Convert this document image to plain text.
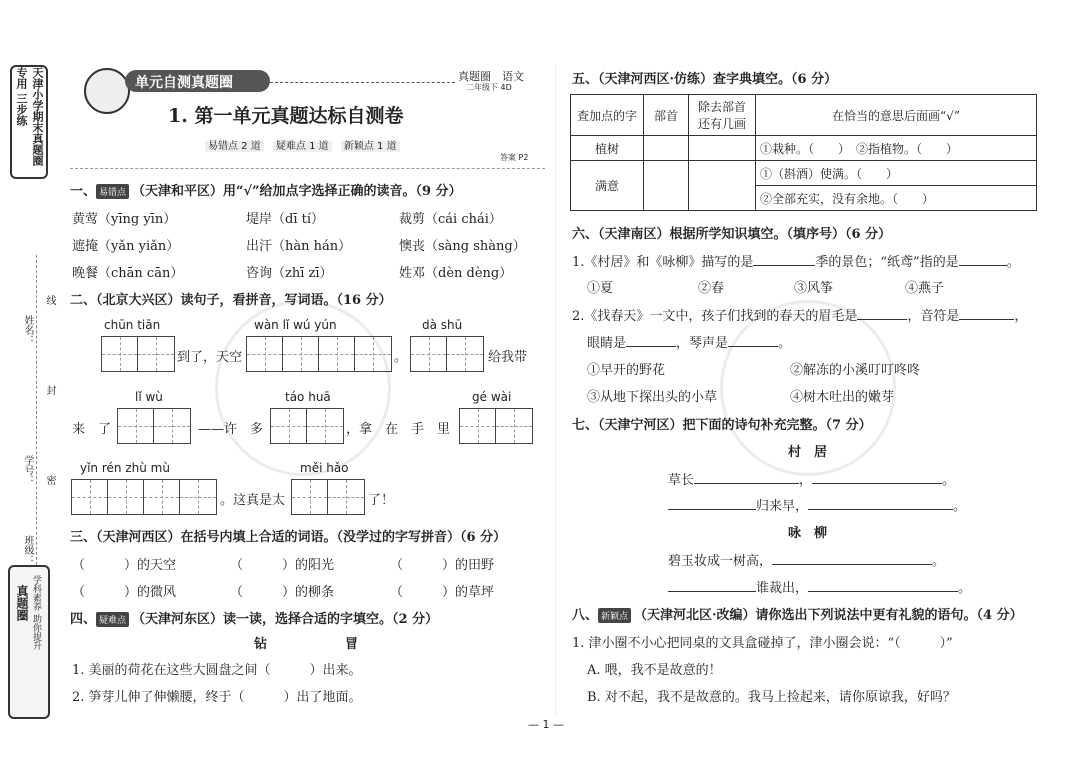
天津小学期末真题圈 专用 三步练
姓名：
线
封
学号： 密
班级：
真题圈 学科素养 助你提升
单元自测真题圈	真题圈　语文
二年级下 4D
1. 第一单元真题达标自测卷
易错点 2 道 疑难点 1 道 新颖点 1 道
答案 P2
一、 易错点 （天津和平区）用“√”给加点字选择正确的读音。（9 分）
黄莺（yīng yīn）	堤岸（dī tí）	裁剪（cái chái）
遮掩（yǎn yiǎn）	出汗（hàn hán）	懊丧（sàng shàng）
晚餐（chān cān）	咨询（zhī zī）	姓邓（dèn dèng）
二、（北京大兴区）读句子，看拼音，写词语。（16 分）
chūn tiān	wàn lǐ wú yún	dà shū
到了，天空	。	给我带
lǐ wù	táo huā	gé wài
来　了	——许　多	，拿　在　手　里
yǐn rén zhù mù	měi hǎo
。这真是太	了！
三、（天津河西区）在括号内填上合适的词语。（没学过的字写拼音）（6 分）
（　　　）的天空	（　　　）的阳光	（　　　）的田野
（　　　）的微风	（　　　）的柳条	（　　　）的草坪
四、 疑难点 （天津河东区）读一读，选择合适的字填空。（2 分）
钻　　　　　　冒
1. 美丽的荷花在这些大圆盘之间（　　　）出来。
2. 笋芽儿伸了伸懒腰，终于（　　　）出了地面。
五、（天津河西区·仿练）查字典填空。（6 分）
查加点的字	部首	除去部首还有几画	在恰当的意思后面画“√”
植树			①栽种。（　　）　②指植物。（　　）
满意			①（斟酒）使满。（　　）
			②全部充实，没有余地。（　　）
六、（天津南区）根据所学知识填空。（填序号）（6 分）
1.《村居》和《咏柳》描写的是	季的景色；“纸鸢”指的是	。
①夏	②春	③风筝	④燕子
2.《找春天》一文中，孩子们找到的春天的眉毛是	，音符是	，
眼睛是	，琴声是	。
①早开的野花	②解冻的小溪叮叮咚咚
③从地下探出头的小草	④树木吐出的嫩芽
七、（天津宁河区）把下面的诗句补充完整。（7 分）
村　居
草长	，	。
归来早，	。
咏　柳
碧玉妆成一树高，	。
谁裁出，	。
八、 新颖点 （天津河北区·改编）请你选出下列说法中更有礼貌的语句。（4 分）
1. 津小圈不小心把同桌的文具盒碰掉了，津小圈会说：“（　　　）”
A. 喂，我不是故意的！
B. 对不起，我不是故意的。我马上捡起来，请你原谅我，好吗？
— 1 —
